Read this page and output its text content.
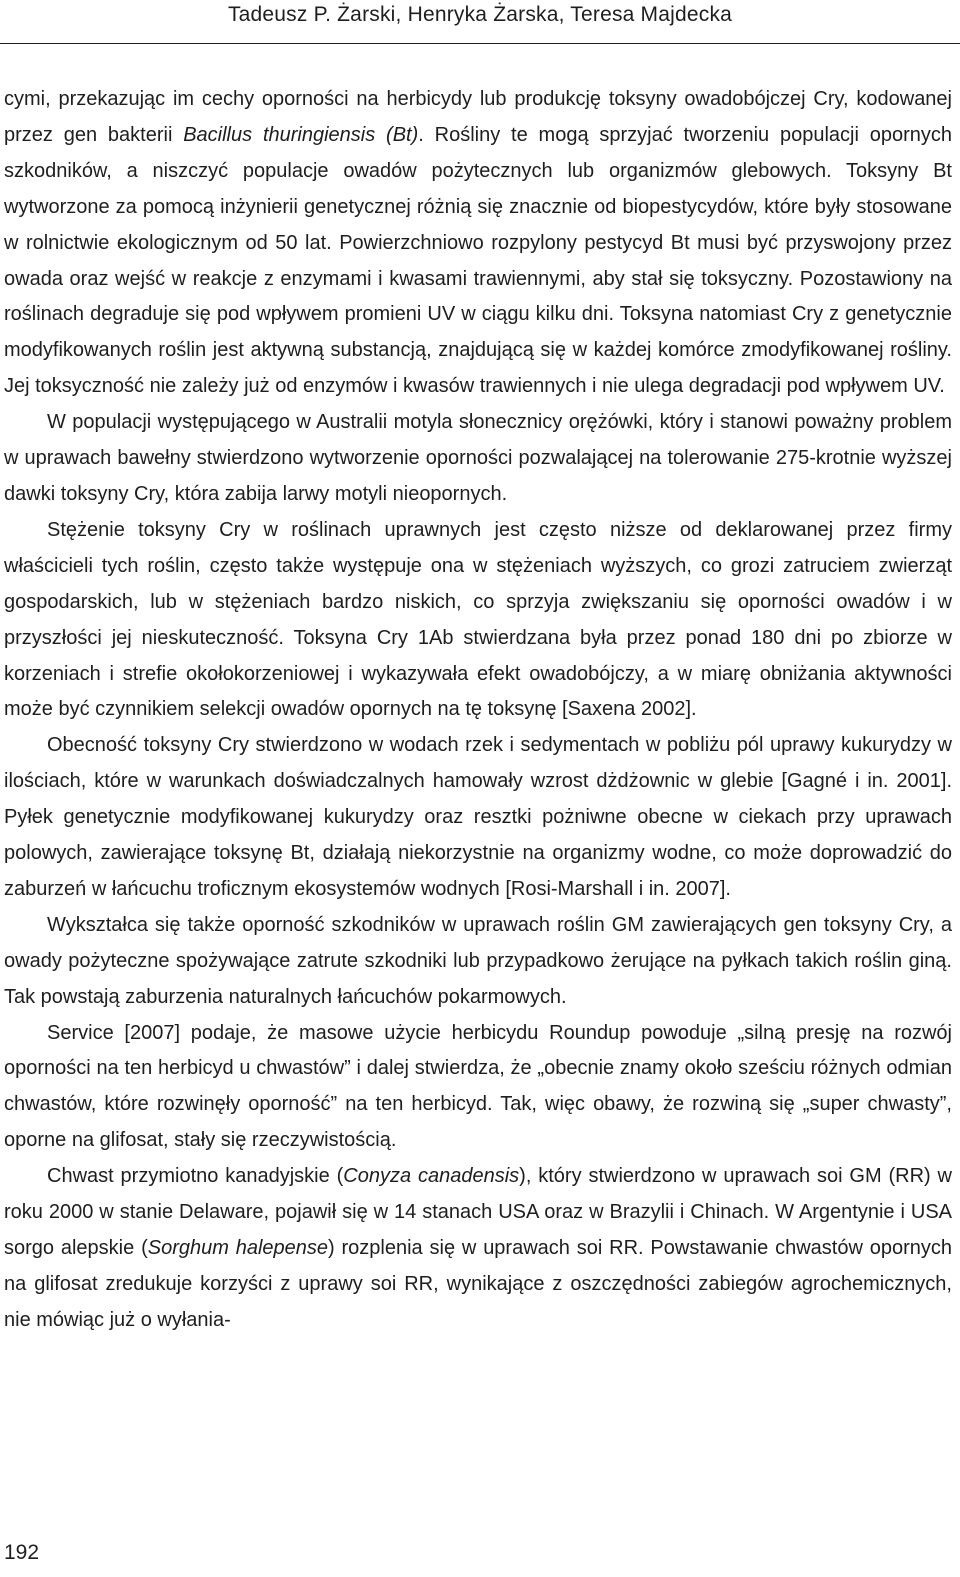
Tadeusz P. Żarski, Henryka Żarska, Teresa Majdecka

cymi, przekazując im cechy oporności na herbicydy lub produkcję toksyny owadobójczej Cry, kodowanej przez gen bakterii Bacillus thuringiensis (Bt). Rośliny te mogą sprzyjać tworzeniu populacji opornych szkodników, a niszczyć populacje owadów pożytecznych lub organizmów glebowych. Toksyny Bt wytworzone za pomocą inżynierii genetycznej różnią się znacznie od biopestycydów, które były stosowane w rolnictwie ekologicznym od 50 lat. Powierzchniowo rozpylony pestycyd Bt musi być przyswojony przez owada oraz wejść w reakcje z enzymami i kwasami trawiennymi, aby stał się toksyczny. Pozostawiony na roślinach degraduje się pod wpływem promieni UV w ciągu kilku dni. Toksyna natomiast Cry z genetycznie modyfikowanych roślin jest aktywną substancją, znajdującą się w każdej komórce zmodyfikowanej rośliny. Jej toksyczność nie zależy już od enzymów i kwasów trawiennych i nie ulega degradacji pod wpływem UV.

W populacji występującego w Australii motyla słonecznicy orężówki, który i stanowi poważny problem w uprawach bawełny stwierdzono wytworzenie oporności pozwalającej na tolerowanie 275-krotnie wyższej dawki toksyny Cry, która zabija larwy motyli nieopornych.

Stężenie toksyny Cry w roślinach uprawnych jest często niższe od deklarowanej przez firmy właścicieli tych roślin, często także występuje ona w stężeniach wyższych, co grozi zatruciem zwierząt gospodarskich, lub w stężeniach bardzo niskich, co sprzyja zwiększaniu się oporności owadów i w przyszłości jej nieskuteczność. Toksyna Cry 1Ab stwierdzana była przez ponad 180 dni po zbiorze w korzeniach i strefie okołokorzeniowej i wykazywała efekt owadobójczy, a w miarę obniżania aktywności może być czynnikiem selekcji owadów opornych na tę toksynę [Saxena 2002].

Obecność toksyny Cry stwierdzono w wodach rzek i sedymentach w pobliżu pól uprawy kukurydzy w ilościach, które w warunkach doświadczalnych hamowały wzrost dżdżownic w glebie [Gagné i in. 2001]. Pyłek genetycznie modyfikowanej kukurydzy oraz resztki pożniwne obecne w ciekach przy uprawach polowych, zawierające toksynę Bt, działają niekorzystnie na organizmy wodne, co może doprowadzić do zaburzeń w łańcuchu troficznym ekosystemów wodnych [Rosi-Marshall i in. 2007].

Wykształca się także oporność szkodników w uprawach roślin GM zawierających gen toksyny Cry, a owady pożyteczne spożywające zatrute szkodniki lub przypadkowo żerujące na pyłkach takich roślin giną. Tak powstają zaburzenia naturalnych łańcuchów pokarmowych.

Service [2007] podaje, że masowe użycie herbicydu Roundup powoduje „silną presję na rozwój oporności na ten herbicyd u chwastów” i dalej stwierdza, że „obecnie znamy około sześciu różnych odmian chwastów, które rozwinęły oporność” na ten herbicyd. Tak, więc obawy, że rozwiną się „super chwasty”, oporne na glifosat, stały się rzeczywistością.

Chwast przymiotno kanadyjskie (Conyza canadensis), który stwierdzono w uprawach soi GM (RR) w roku 2000 w stanie Delaware, pojawił się w 14 stanach USA oraz w Brazylii i Chinach. W Argentynie i USA sorgo alepskie (Sorghum halepense) rozplenia się w uprawach soi RR. Powstawanie chwastów opornych na glifosat zredukuje korzyści z uprawy soi RR, wynikające z oszczędności zabiegów agrochemicznych, nie mówiąc już o wyłania-

192
